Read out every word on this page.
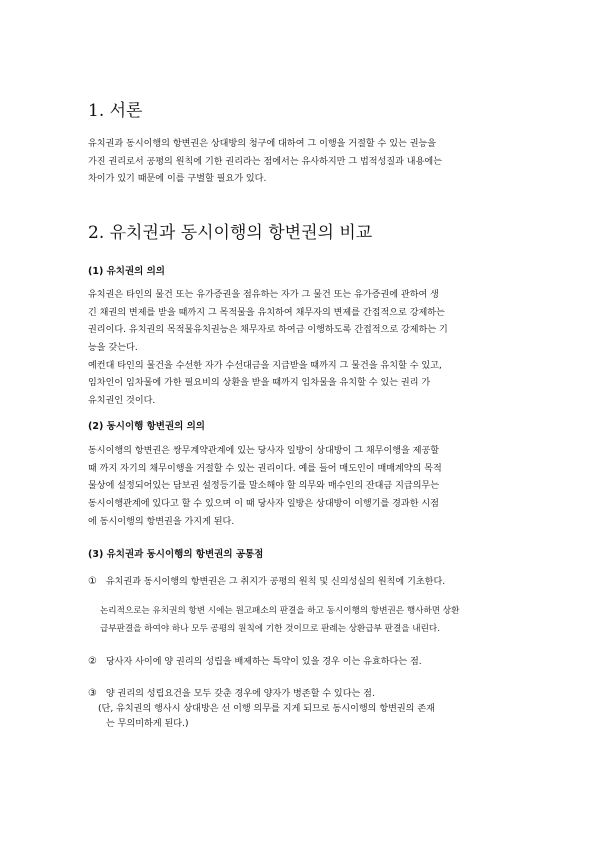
1. 서론
유치권과 동시이행의 항변권은 상대방의 청구에 대하여 그 이행을 거절할 수 있는 권능을
가진 권리로서 공평의 원칙에 기한 권리라는 점에서는 유사하지만 그 법적성질과 내용에는
차이가 있기 때문에 이를 구별할 필요가 있다.
2. 유치권과 동시이행의 항변권의 비교
(1) 유치권의 의의
유치권은 타인의 물건 또는 유가증권을 점유하는 자가 그 물건 또는 유가증권에 관하여 생
긴 채권의 변제를 받을 때까지 그 목적물을 유치하여 채무자의 변제를 간접적으로 강제하는
권리이다. 유치권의 목적물유치권능은 채무자로 하여금 이행하도록 간접적으로 강제하는 기
능을 갖는다.
예컨대 타인의 물건을 수선한 자가 수선대금을 지급받을 때까지 그 물건을 유치할 수 있고,
임차인이 임차물에 가한 필요비의 상환을 받을 때까지 임차물을 유치할 수 있는 권리 가
유치권인 것이다.
(2) 동시이행 항변권의 의의
동시이행의 항변권은 쌍무계약관계에 있는 당사자 일방이 상대방이 그 채무이행을 제공할
때 까지 자기의 채무이행을 거절할 수 있는 권리이다. 예를 들어 매도인이 매매계약의 목적
물상에 설정되어있는 담보권 설정등기를 말소해야 할 의무와 매수인의 잔대금 지급의무는
동시이행관계에 있다고 할 수 있으며 이 때 당사자 일방은 상대방이 이행기를 경과한 시점
에 동시이행의 항변권을 가지게 된다.
(3) 유치권과 동시이행의 항변권의 공통점
① 유치권과 동시이행의 항변권은 그 취지가 공평의 원칙 및 신의성실의 원칙에 기초한다.
논리적으로는 유치권의 항변 시에는 원고패소의 판결을 하고 동시이행의 항변권은 행사하면 상환
급부판결을 하여야 하나 모두 공평의 원칙에 기한 것이므로 판례는 상환급부 판결을 내린다.
② 당사자 사이에 양 권리의 성립을 배제하는 특약이 있을 경우 이는 유효하다는 점.
③ 양 권리의 성립요건을 모두 갖춘 경우에 양자가 병존할 수 있다는 점.
(단, 유치권의 행사시 상대방은 선 이행 의무를 지게 되므로 동시이행의 항변권의 존재
는 무의미하게 된다.)
